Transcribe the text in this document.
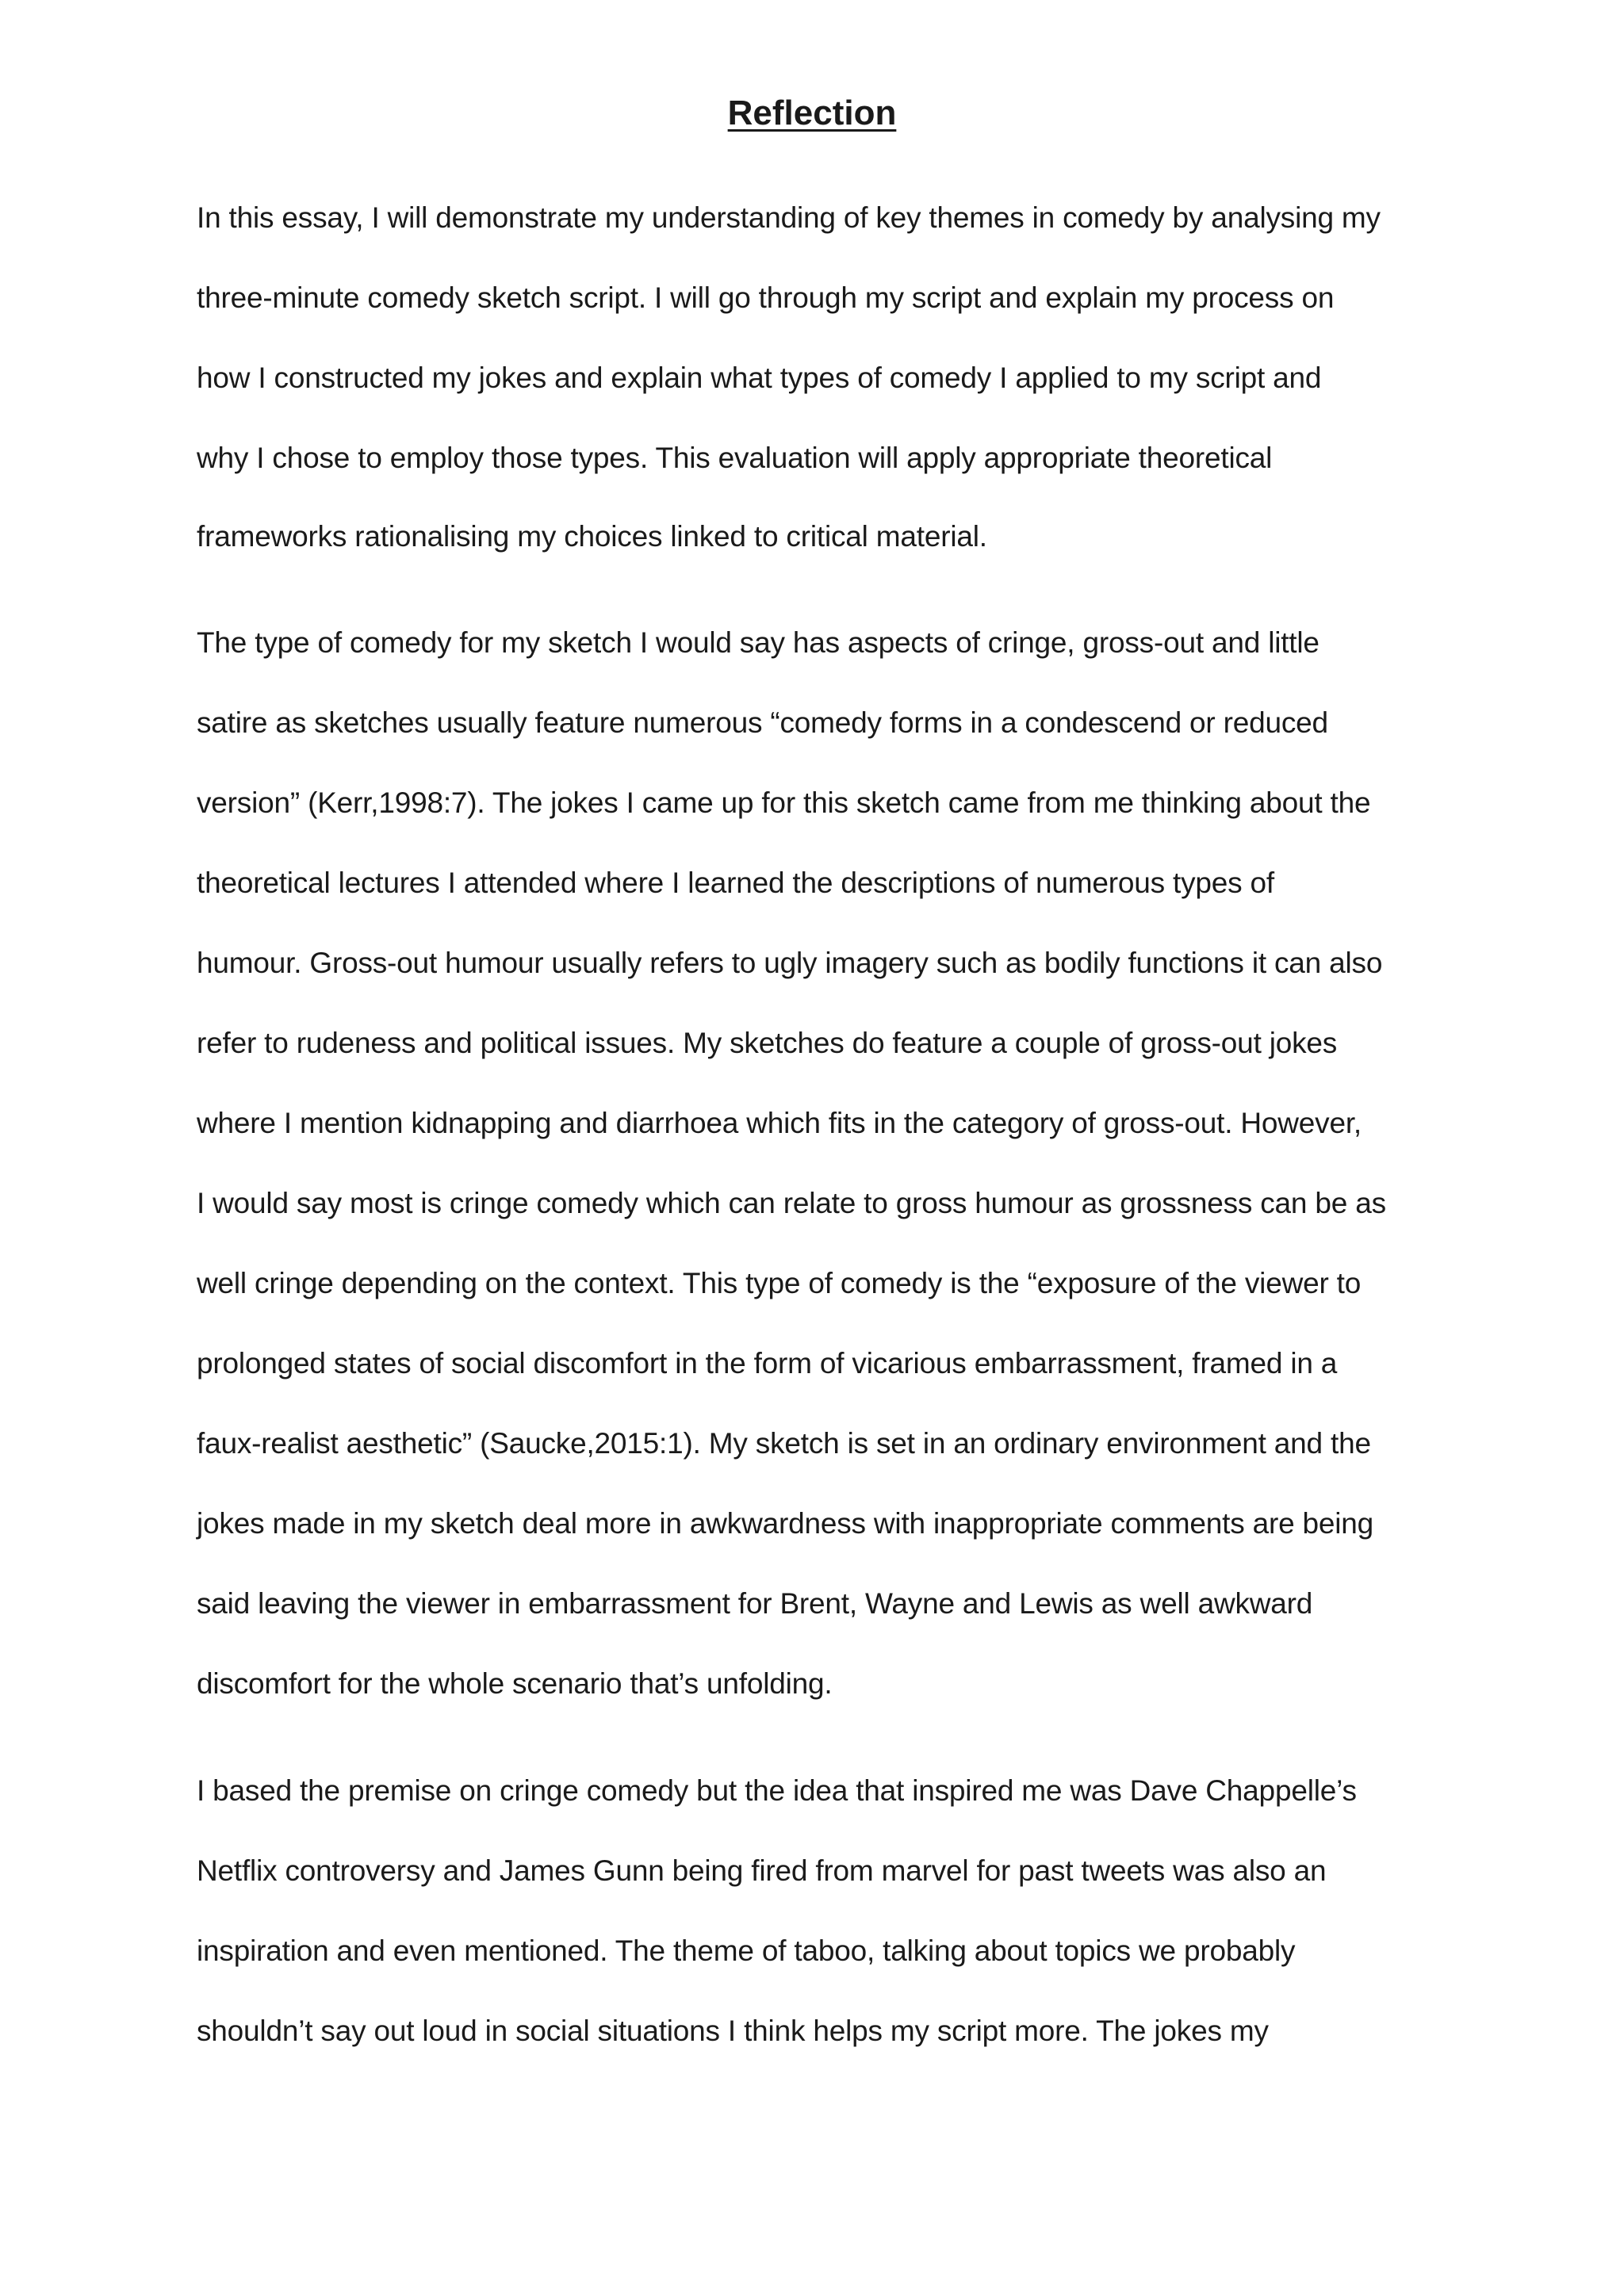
Reflection
In this essay, I will demonstrate my understanding of key themes in comedy by analysing my
three-minute comedy sketch script. I will go through my script and explain my process on
how I constructed my jokes and explain what types of comedy I applied to my script and
why I chose to employ those types. This evaluation will apply appropriate theoretical
frameworks rationalising my choices linked to critical material.
The type of comedy for my sketch I would say has aspects of cringe, gross-out and little
satire as sketches usually feature numerous “comedy forms in a condescend or reduced
version” (Kerr,1998:7). The jokes I came up for this sketch came from me thinking about the
theoretical lectures I attended where I learned the descriptions of numerous types of
humour. Gross-out humour usually refers to ugly imagery such as bodily functions it can also
refer to rudeness and political issues. My sketches do feature a couple of gross-out jokes
where I mention kidnapping and diarrhoea which fits in the category of gross-out. However,
I would say most is cringe comedy which can relate to gross humour as grossness can be as
well cringe depending on the context. This type of comedy is the “exposure of the viewer to
prolonged states of social discomfort in the form of vicarious embarrassment, framed in a
faux-realist aesthetic” (Saucke,2015:1). My sketch is set in an ordinary environment and the
jokes made in my sketch deal more in awkwardness with inappropriate comments are being
said leaving the viewer in embarrassment for Brent, Wayne and Lewis as well awkward
discomfort for the whole scenario that’s unfolding.
I based the premise on cringe comedy but the idea that inspired me was Dave Chappelle’s
Netflix controversy and James Gunn being fired from marvel for past tweets was also an
inspiration and even mentioned. The theme of taboo, talking about topics we probably
shouldn’t say out loud in social situations I think helps my script more. The jokes my
